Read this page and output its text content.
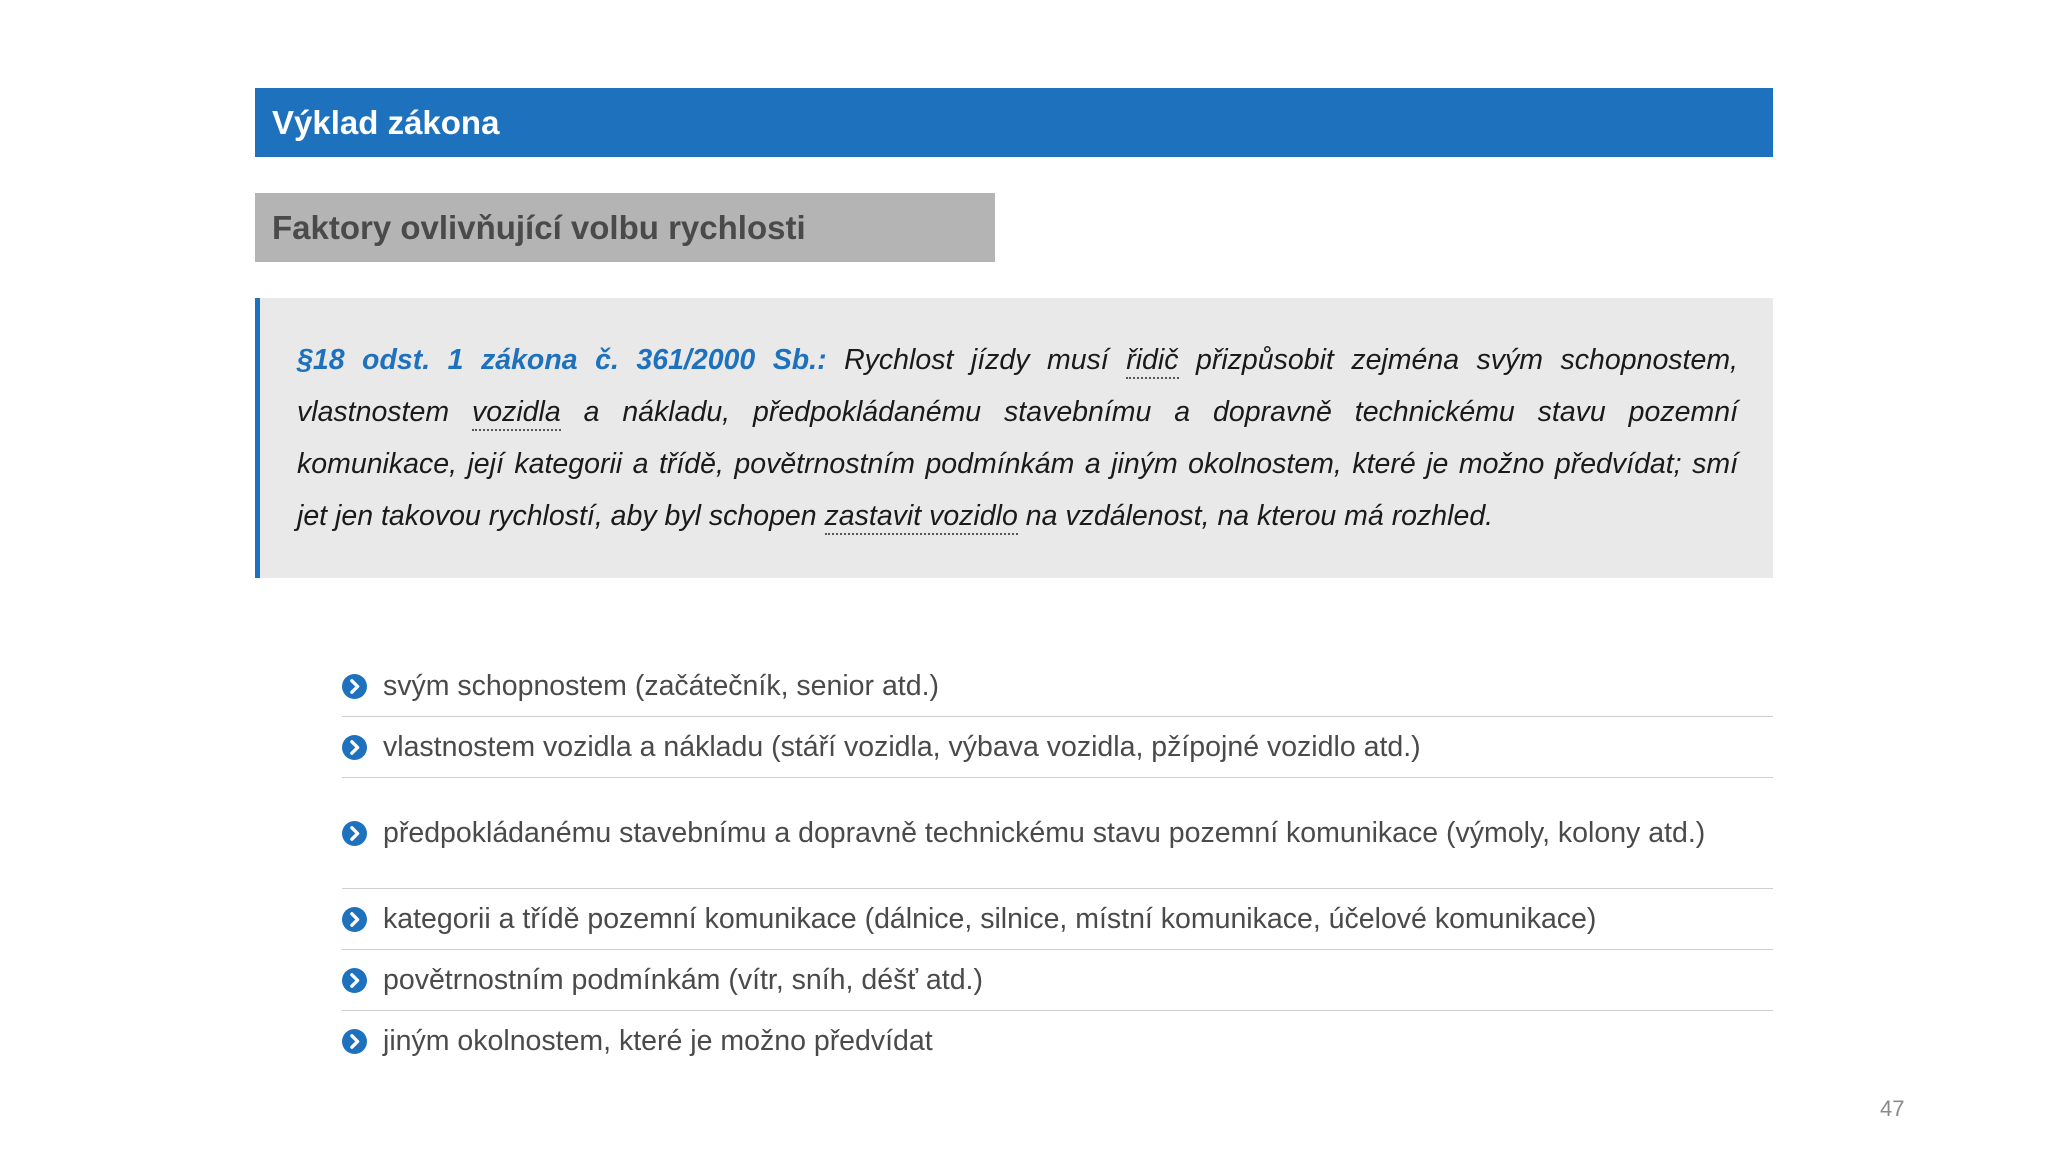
Výklad zákona
Faktory ovlivňující volbu rychlosti

§18 odst. 1 zákona č. 361/2000 Sb.: Rychlost jízdy musí řidič přizpůsobit zejména svým schopnostem, vlastnostem vozidla a nákladu, předpokládanému stavebnímu a dopravně technickému stavu pozemní komunikace, její kategorii a třídě, povětrnostním podmínkám a jiným okolnostem, které je možno předvídat; smí jet jen takovou rychlostí, aby byl schopen zastavit vozidlo na vzdálenost, na kterou má rozhled.

svým schopnostem (začátečník, senior atd.)
vlastnostem vozidla a nákladu (stáří vozidla, výbava vozidla, pžípojné vozidlo atd.)
předpokládanému stavebnímu a dopravně technickému stavu pozemní komunikace (výmoly, kolony atd.)
kategorii a třídě pozemní komunikace (dálnice, silnice, místní komunikace, účelové komunikace)
povětrnostním podmínkám (vítr, sníh, déšť atd.)
jiným okolnostem, které je možno předvídat
47
